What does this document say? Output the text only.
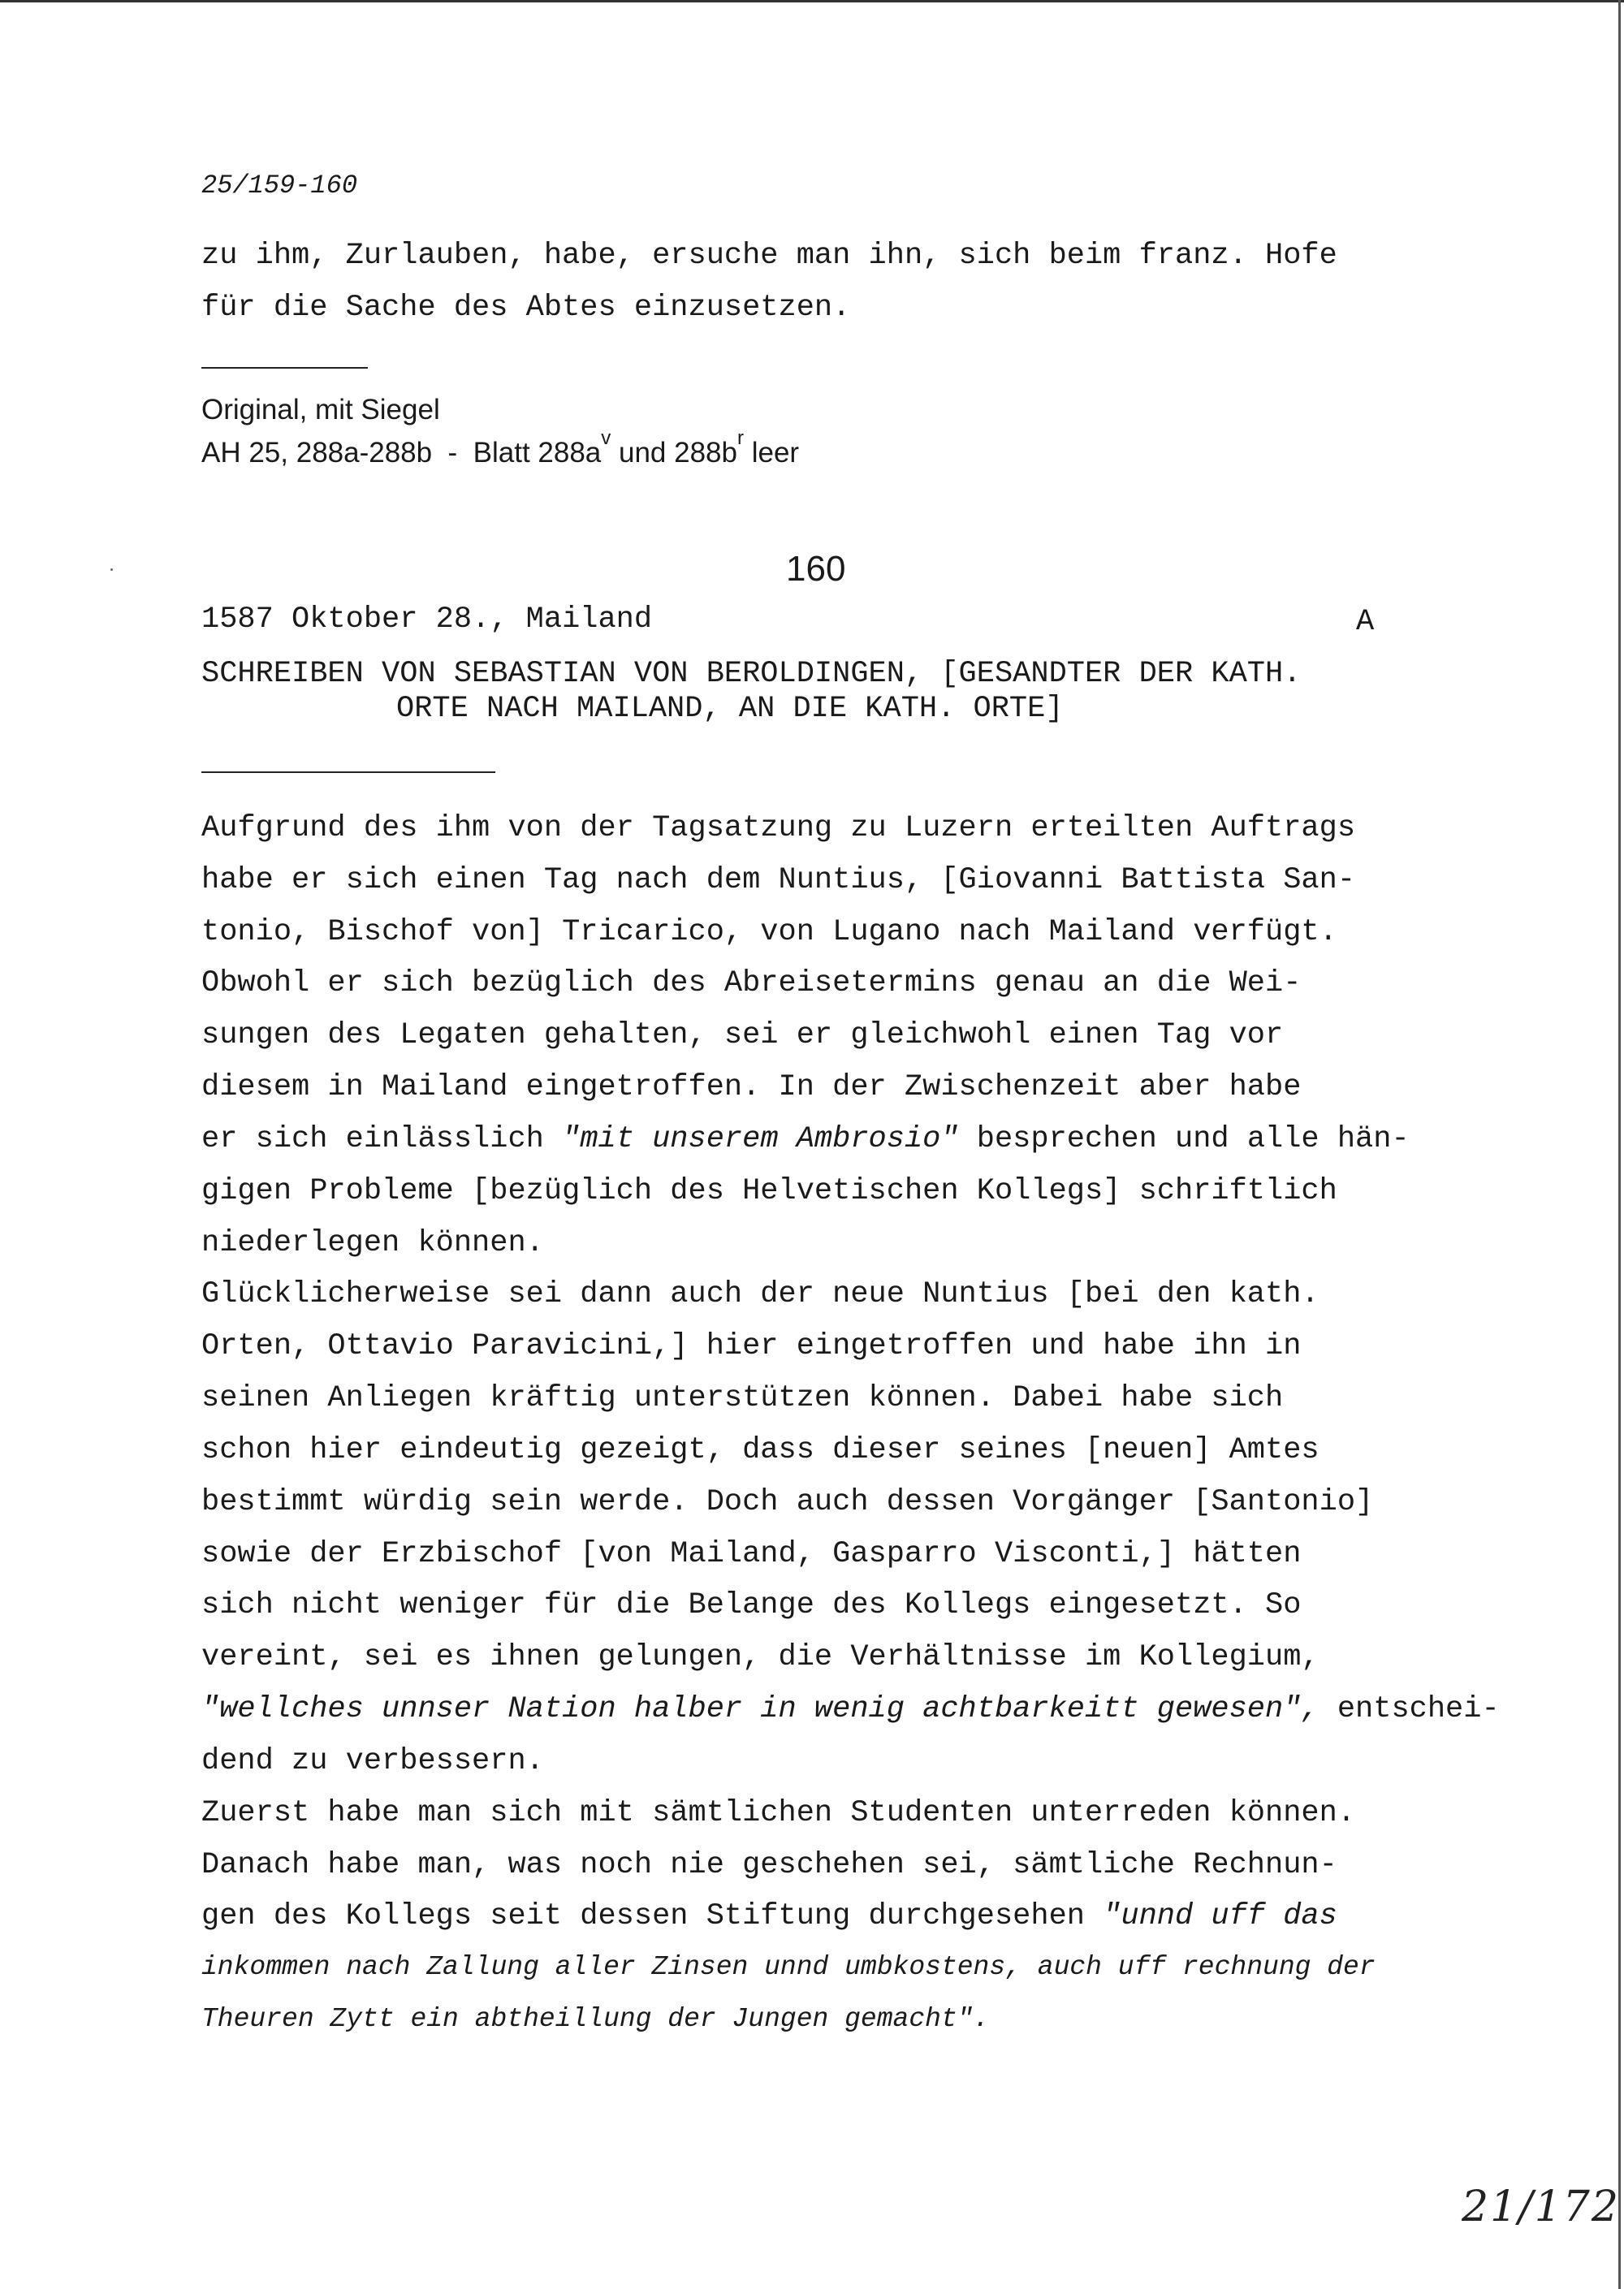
25/159-160
zu ihm, Zurlauben, habe, ersuche man ihn, sich beim franz. Hofe
für die Sache des Abtes einzusetzen.
Original, mit Siegel
AH 25, 288a-288b  -  Blatt $288a^v$ und $288b^r$ leer
160
1587 Oktober 28., Mailand	A
SCHREIBEN VON SEBASTIAN VON BEROLDINGEN, [GESANDTER DER KATH.
ORTE NACH MAILAND, AN DIE KATH. ORTE]
Aufgrund des ihm von der Tagsatzung zu Luzern erteilten Auftrags
habe er sich einen Tag nach dem Nuntius, [Giovanni Battista San-
tonio, Bischof von] Tricarico, von Lugano nach Mailand verfügt.
Obwohl er sich bezüglich des Abreisetermins genau an die Wei-
sungen des Legaten gehalten, sei er gleichwohl einen Tag vor
diesem in Mailand eingetroffen. In der Zwischenzeit aber habe
er sich einlässlich "mit unserem Ambrosio" besprechen und alle hän-
gigen Probleme [bezüglich des Helvetischen Kollegs] schriftlich
niederlegen können.
Glücklicherweise sei dann auch der neue Nuntius [bei den kath.
Orten, Ottavio Paravicini,] hier eingetroffen und habe ihn in
seinen Anliegen kräftig unterstützen können. Dabei habe sich
schon hier eindeutig gezeigt, dass dieser seines [neuen] Amtes
bestimmt würdig sein werde. Doch auch dessen Vorgänger [Santonio]
sowie der Erzbischof [von Mailand, Gasparro Visconti,] hätten
sich nicht weniger für die Belange des Kollegs eingesetzt. So
vereint, sei es ihnen gelungen, die Verhältnisse im Kollegium,
"wellches unnser Nation halber in wenig achtbarkeitt gewesen", entschei-
dend zu verbessern.
Zuerst habe man sich mit sämtlichen Studenten unterreden können.
Danach habe man, was noch nie geschehen sei, sämtliche Rechnun-
gen des Kollegs seit dessen Stiftung durchgesehen "unnd uff das
inkommen nach Zallung aller Zinsen unnd umbkostens, auch uff rechnung der
Theuren Zytt ein abtheillung der Jungen gemacht".
21/172
